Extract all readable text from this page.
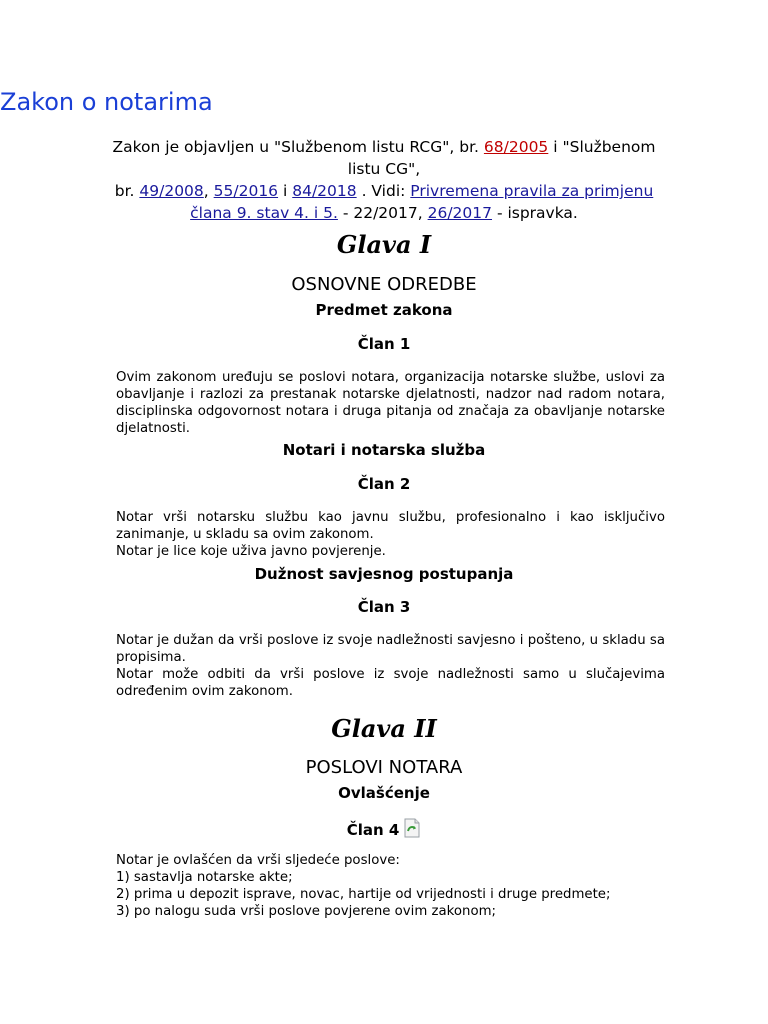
Zakon o notarima
Zakon je objavljen u "Službenom listu RCG", br. 68/2005 i "Službenom listu CG",
br. 49/2008, 55/2016 i 84/2018 . Vidi: Privremena pravila za primjenu člana 9. stav 4. i 5. - 22/2017, 26/2017 - ispravka.
Glava I
OSNOVNE ODREDBE
Predmet zakona
Član 1

Ovim zakonom uređuju se poslovi notara, organizacija notarske službe, uslovi za obavljanje i razlozi za prestanak notarske djelatnosti, nadzor nad radom notara, disciplinska odgovornost notara i druga pitanja od značaja za obavljanje notarske djelatnosti.

Notari i notarska služba
Član 2

Notar vrši notarsku službu kao javnu službu, profesionalno i kao isključivo zanimanje, u skladu sa ovim zakonom.

Notar je lice koje uživa javno povjerenje.

Dužnost savjesnog postupanja
Član 3

Notar je dužan da vrši poslove iz svoje nadležnosti savjesno i pošteno, u skladu sa propisima.

Notar može odbiti da vrši poslove iz svoje nadležnosti samo u slučajevima određenim ovim zakonom.

Glava II
POSLOVI NOTARA
Ovlašćenje
Član 4

Notar je ovlašćen da vrši sljedeće poslove:

1) sastavlja notarske akte;

2) prima u depozit isprave, novac, hartije od vrijednosti i druge predmete;

3) po nalogu suda vrši poslove povjerene ovim zakonom;
